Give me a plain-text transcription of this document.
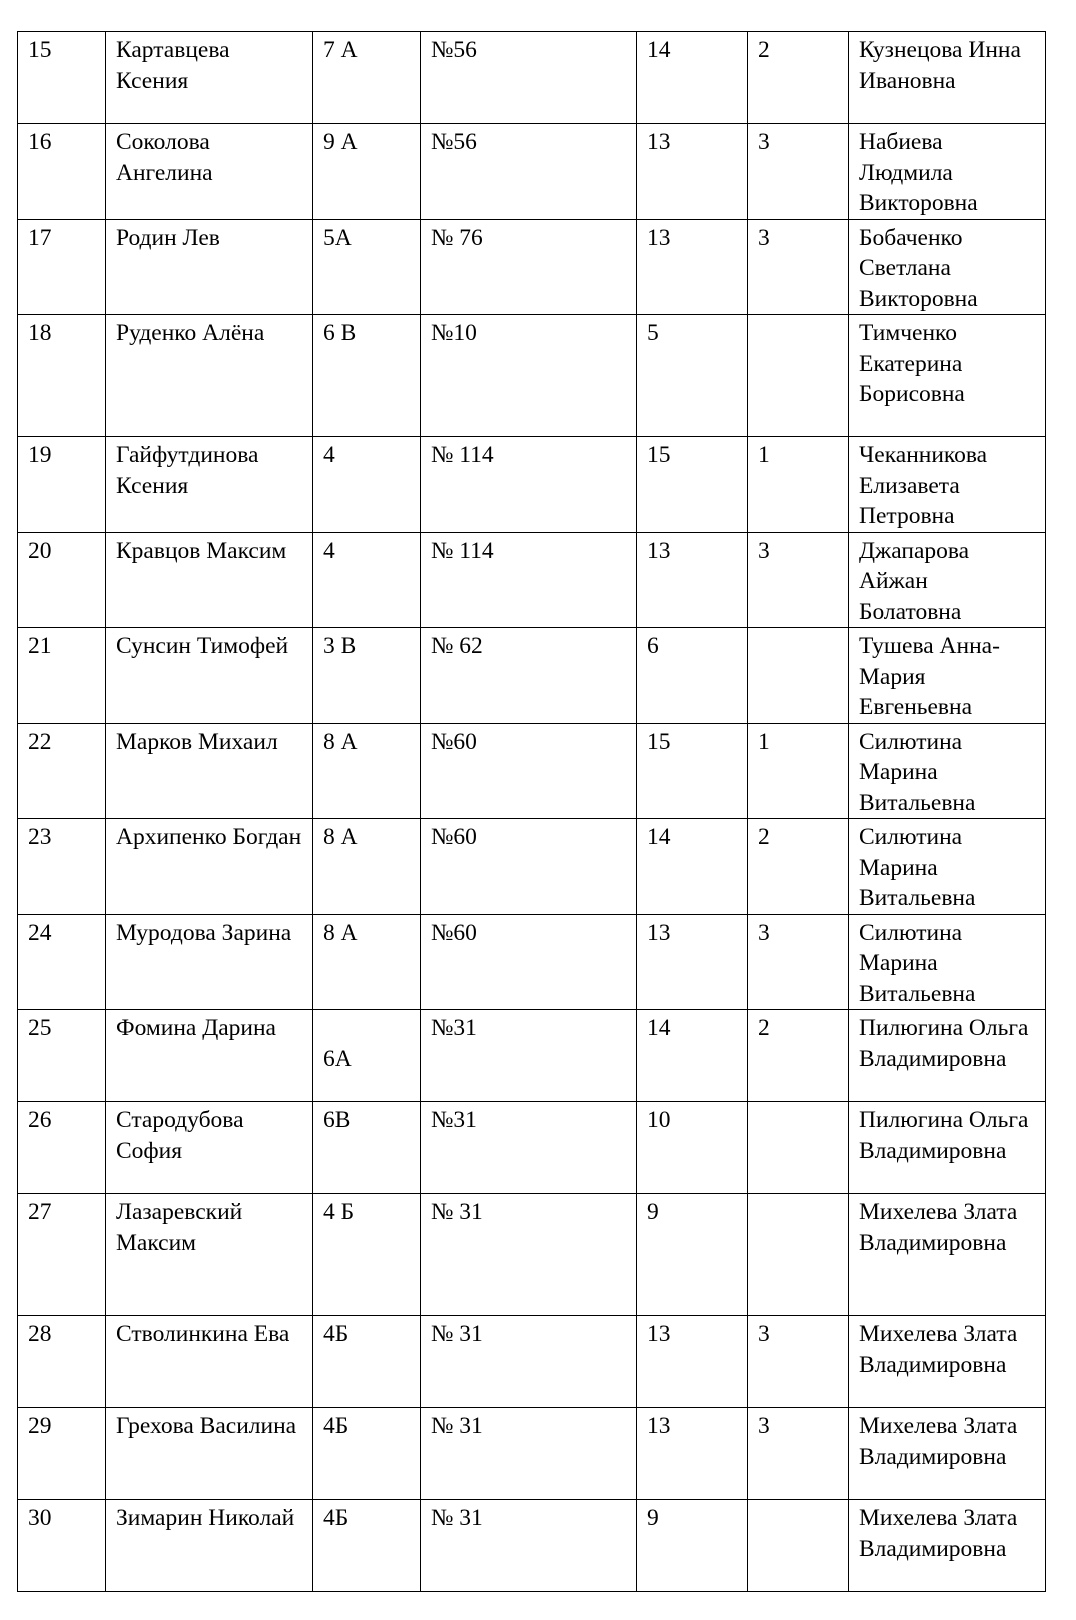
15	Картавцева Ксения	7 А	№56	14	2	Кузнецова Инна Ивановна
16	Соколова Ангелина	9 А	№56	13	3	Набиева Людмила Викторовна
17	Родин Лев	5А	№ 76	13	3	Бобаченко Светлана Викторовна
18	Руденко Алёна	6 В	№10	5		Тимченко Екатерина Борисовна
19	Гайфутдинова Ксения	4	№ 114	15	1	Чеканникова Елизавета Петровна
20	Кравцов Максим	4	№ 114	13	3	Джапарова Айжан Болатовна
21	Сунсин Тимофей	3 В	№ 62	6		Тушева Анна-Мария Евгеньевна
22	Марков Михаил	8 А	№60	15	1	Силютина Марина Витальевна
23	Архипенко Богдан	8 А	№60	14	2	Силютина Марина Витальевна
24	Муродова Зарина	8 А	№60	13	3	Силютина Марина Витальевна
25	Фомина Дарина	6А	№31	14	2	Пилюгина Ольга Владимировна
26	Стародубова София	6В	№31	10		Пилюгина Ольга Владимировна
27	Лазаревский Максим	4 Б	№ 31	9		Михелева Злата Владимировна
28	Стволинкина Ева	4Б	№ 31	13	3	Михелева Злата Владимировна
29	Грехова Василина	4Б	№ 31	13	3	Михелева Злата Владимировна
30	Зимарин Николай	4Б	№ 31	9		Михелева Злата Владимировна
